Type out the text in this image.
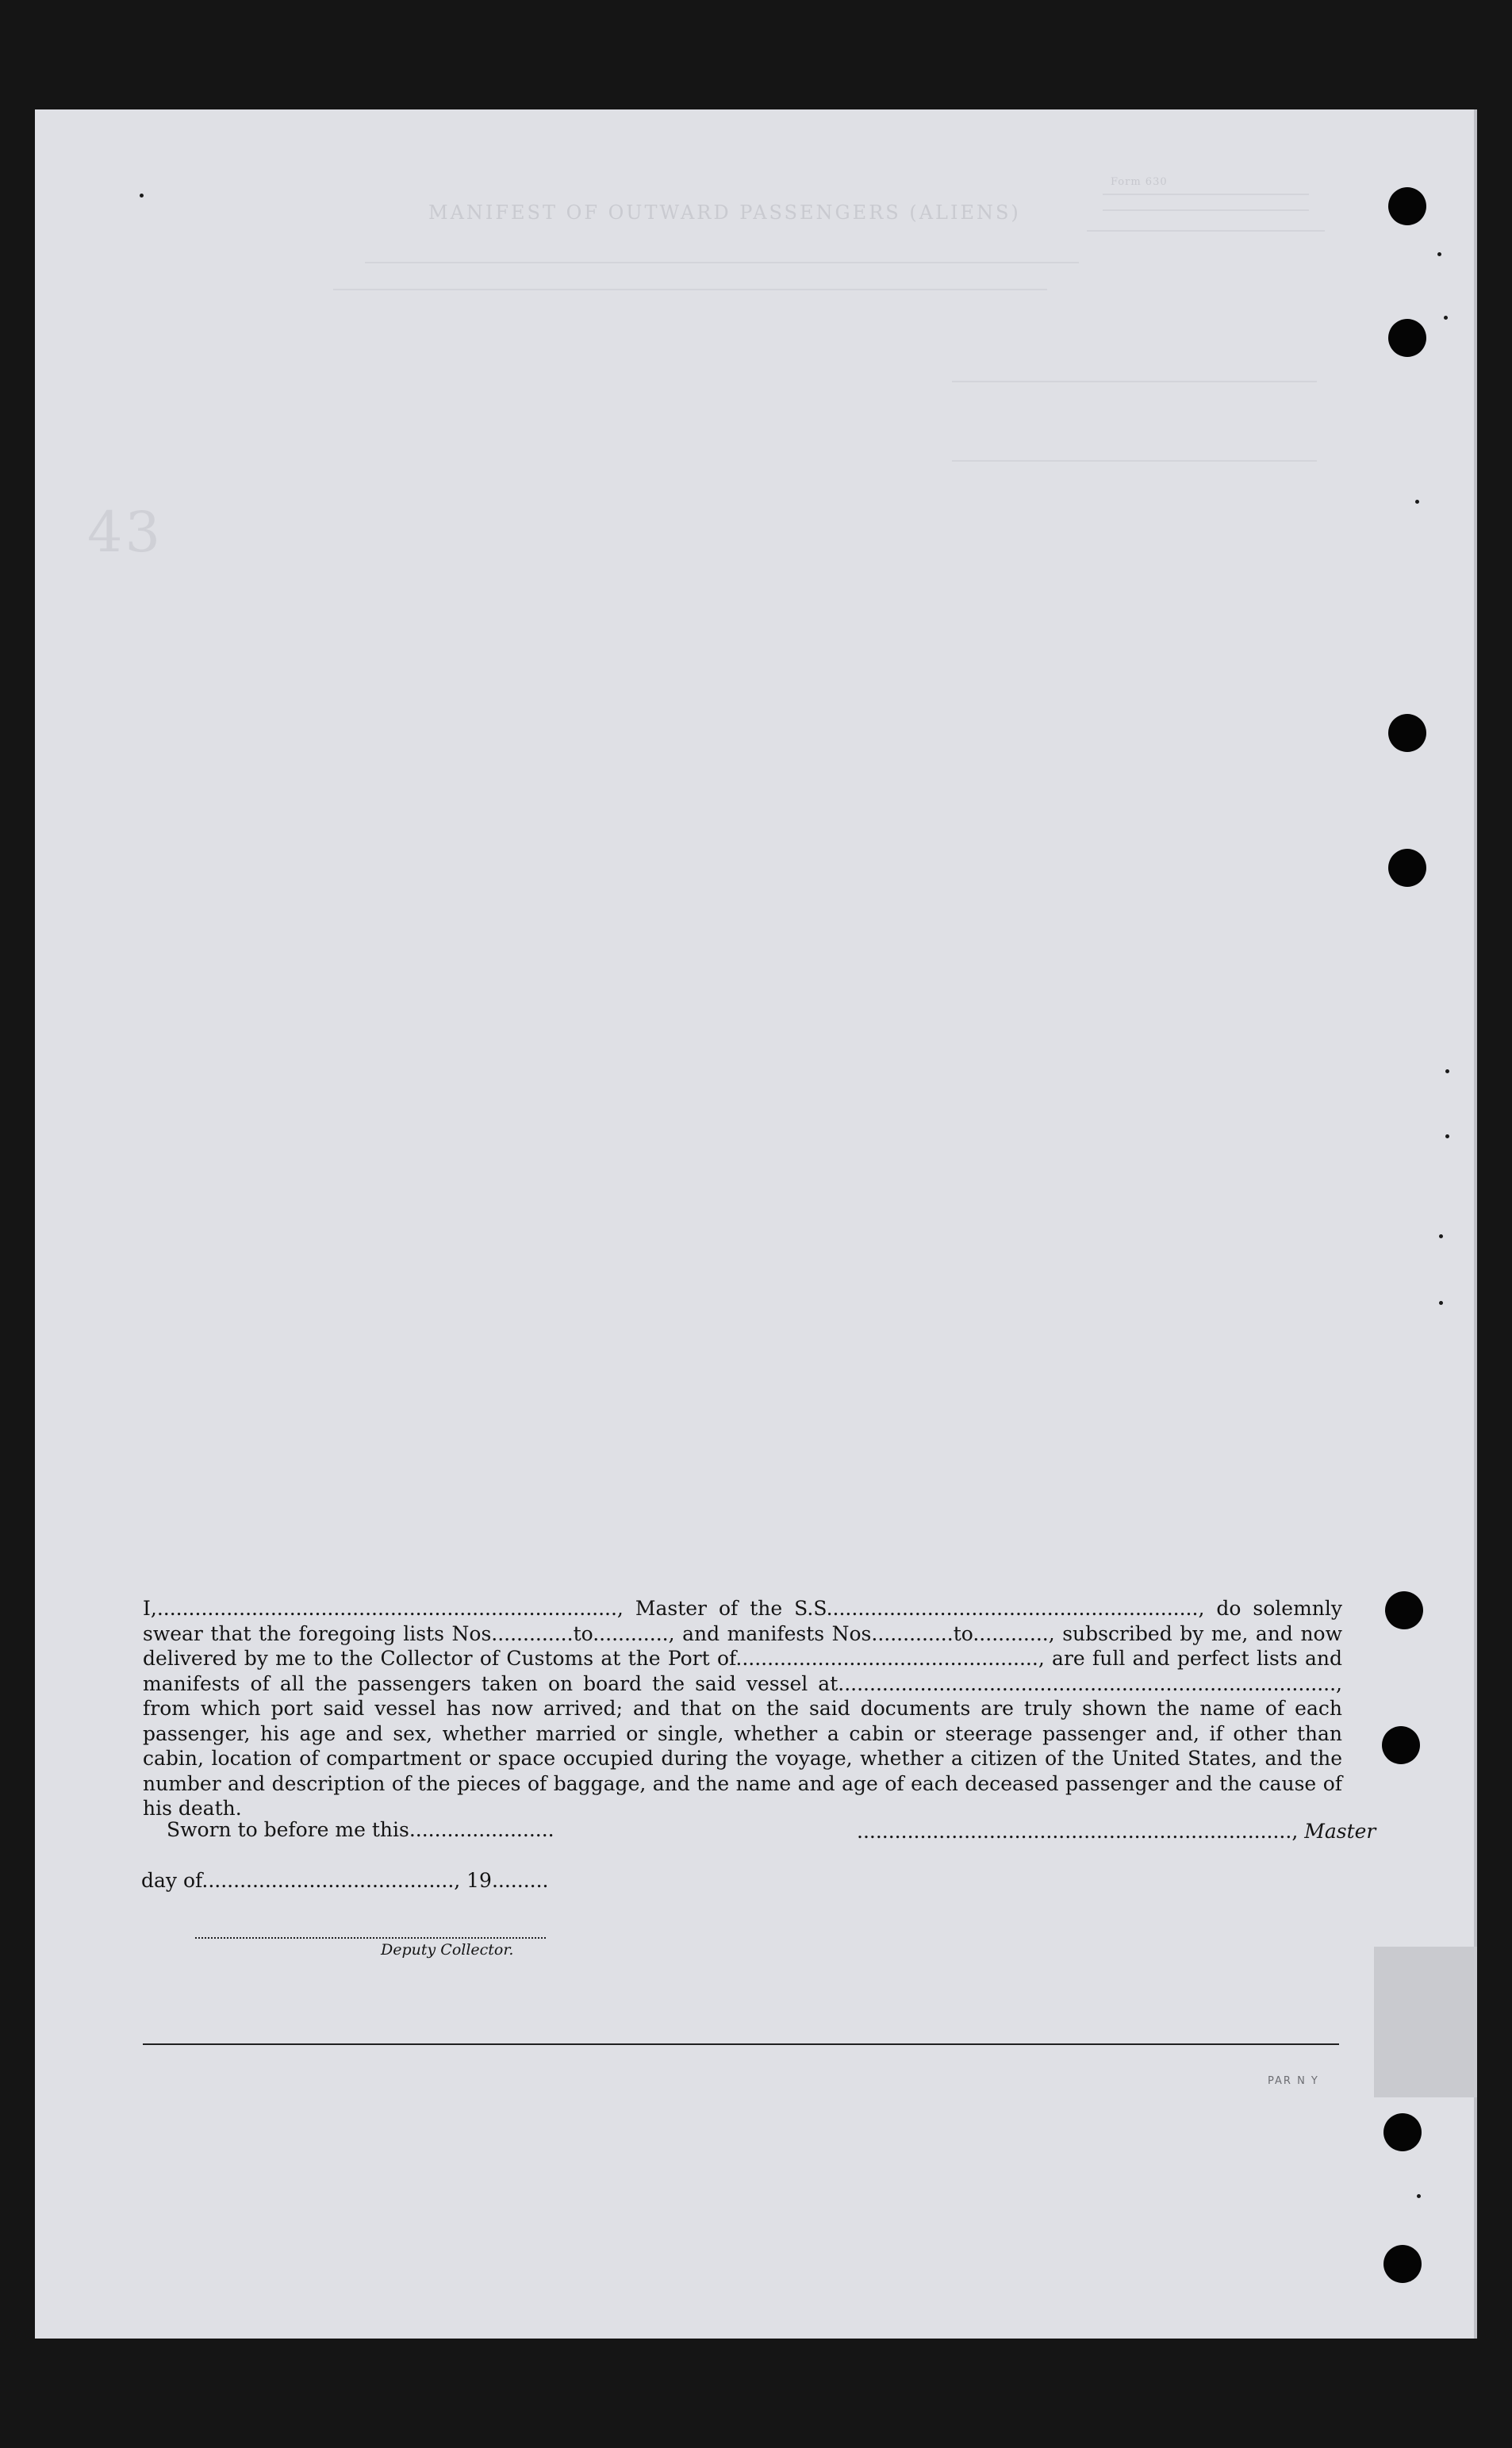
MANIFEST OF OUTWARD PASSENGERS (ALIENS)
Form 630
43

I,........................................................................., Master of the S.S..........................................................., do solemnly swear that the foregoing lists Nos.............to............, and manifests Nos.............to............, subscribed by me, and now delivered by me to the Collector of Customs at the Port of................................................, are full and perfect lists and manifests of all the passengers taken on board the said vessel at..............................................................................., from which port said vessel has now arrived; and that on the said documents are truly shown the name of each passenger, his age and sex, whether married or single, whether a cabin or steerage passenger and, if other than cabin, location of compartment or space occupied during the voyage, whether a citizen of the United States, and the number and description of the pieces of baggage, and the name and age of each deceased passenger and the cause of his death.

Sworn to before me this.......................	....................................................................., Master
day of........................................, 19.........
Deputy Collector.
PAR N Y
